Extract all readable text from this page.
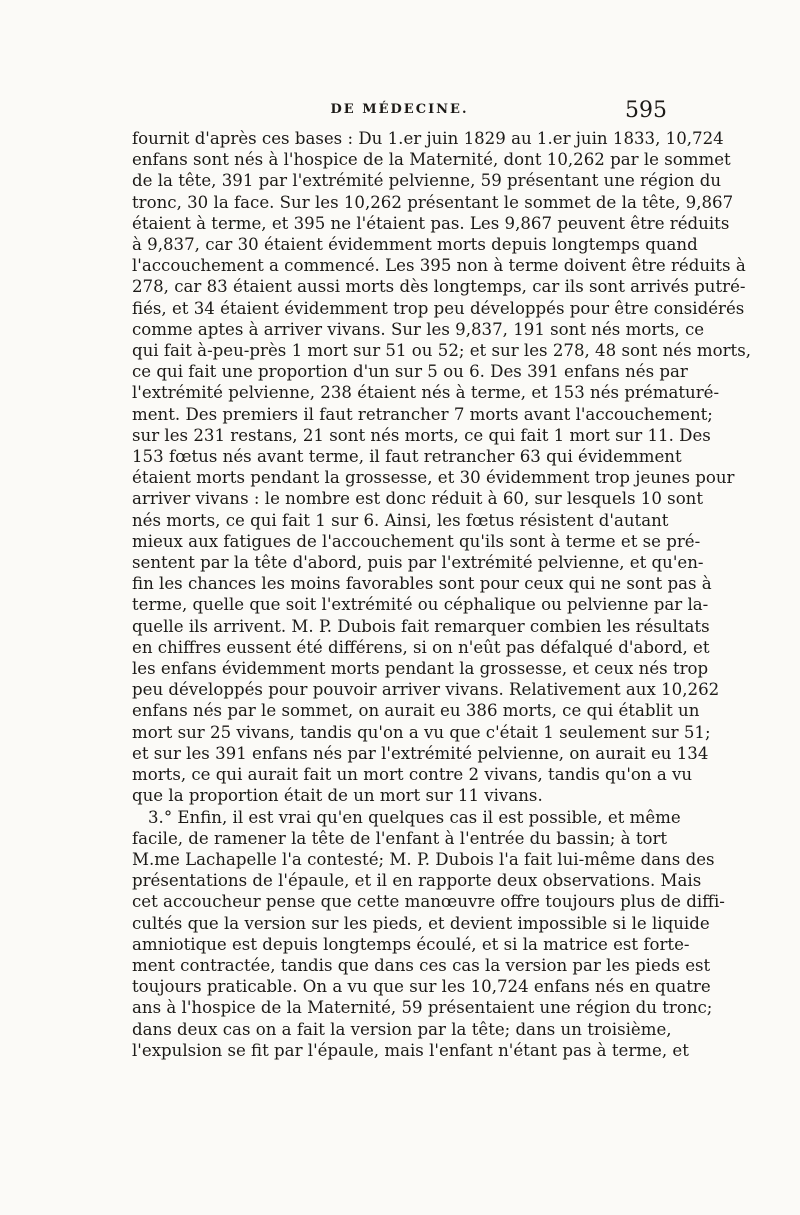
DE MÉDECINE.	595
fournit d'après ces bases : Du 1.er juin 1829 au 1.er juin 1833, 10,724
enfans sont nés à l'hospice de la Maternité, dont 10,262 par le sommet
de la tête, 391 par l'extrémité pelvienne, 59 présentant une région du
tronc, 30 la face. Sur les 10,262 présentant le sommet de la tête, 9,867
étaient à terme, et 395 ne l'étaient pas. Les 9,867 peuvent être réduits
à 9,837, car 30 étaient évidemment morts depuis longtemps quand
l'accouchement a commencé. Les 395 non à terme doivent être réduits à
278, car 83 étaient aussi morts dès longtemps, car ils sont arrivés putré-
fiés, et 34 étaient évidemment trop peu développés pour être considérés
comme aptes à arriver vivans. Sur les 9,837, 191 sont nés morts, ce
qui fait à-peu-près 1 mort sur 51 ou 52; et sur les 278, 48 sont nés morts,
ce qui fait une proportion d'un sur 5 ou 6. Des 391 enfans nés par
l'extrémité pelvienne, 238 étaient nés à terme, et 153 nés prématuré-
ment. Des premiers il faut retrancher 7 morts avant l'accouchement;
sur les 231 restans, 21 sont nés morts, ce qui fait 1 mort sur 11. Des
153 fœtus nés avant terme, il faut retrancher 63 qui évidemment
étaient morts pendant la grossesse, et 30 évidemment trop jeunes pour
arriver vivans : le nombre est donc réduit à 60, sur lesquels 10 sont
nés morts, ce qui fait 1 sur 6. Ainsi, les fœtus résistent d'autant
mieux aux fatigues de l'accouchement qu'ils sont à terme et se pré-
sentent par la tête d'abord, puis par l'extrémité pelvienne, et qu'en-
fin les chances les moins favorables sont pour ceux qui ne sont pas à
terme, quelle que soit l'extrémité ou céphalique ou pelvienne par la-
quelle ils arrivent. M. P. Dubois fait remarquer combien les résultats
en chiffres eussent été différens, si on n'eût pas défalqué d'abord, et
les enfans évidemment morts pendant la grossesse, et ceux nés trop
peu développés pour pouvoir arriver vivans. Relativement aux 10,262
enfans nés par le sommet, on aurait eu 386 morts, ce qui établit un
mort sur 25 vivans, tandis qu'on a vu que c'était 1 seulement sur 51;
et sur les 391 enfans nés par l'extrémité pelvienne, on aurait eu 134
morts, ce qui aurait fait un mort contre 2 vivans, tandis qu'on a vu
que la proportion était de un mort sur 11 vivans.
3.° Enfin, il est vrai qu'en quelques cas il est possible, et même
facile, de ramener la tête de l'enfant à l'entrée du bassin; à tort
M.me Lachapelle l'a contesté; M. P. Dubois l'a fait lui-même dans des
présentations de l'épaule, et il en rapporte deux observations. Mais
cet accoucheur pense que cette manœuvre offre toujours plus de diffi-
cultés que la version sur les pieds, et devient impossible si le liquide
amniotique est depuis longtemps écoulé, et si la matrice est forte-
ment contractée, tandis que dans ces cas la version par les pieds est
toujours praticable. On a vu que sur les 10,724 enfans nés en quatre
ans à l'hospice de la Maternité, 59 présentaient une région du tronc;
dans deux cas on a fait la version par la tête; dans un troisième,
l'expulsion se fit par l'épaule, mais l'enfant n'étant pas à terme, et
